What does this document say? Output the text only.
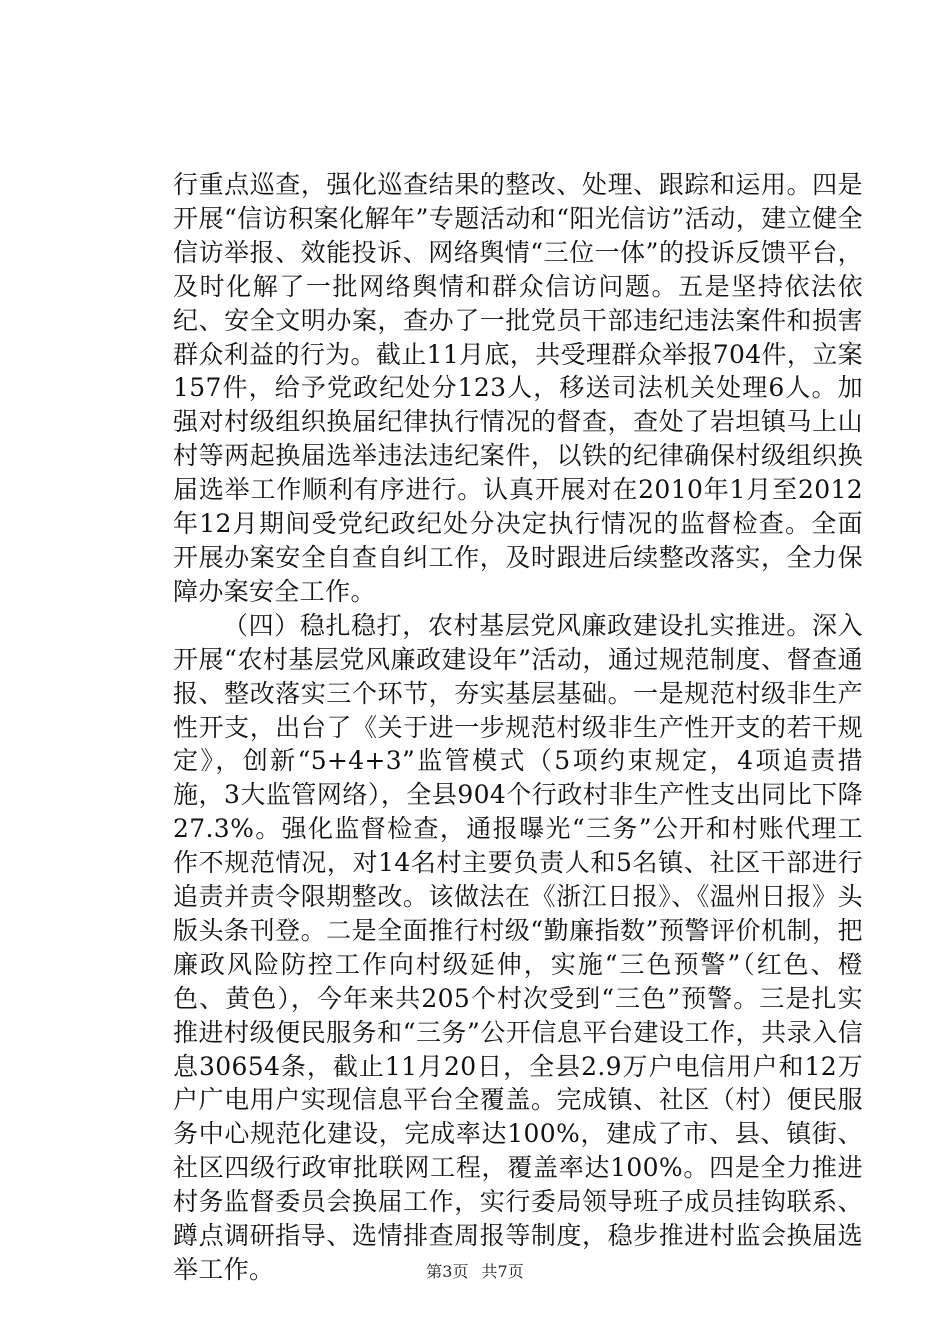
行重点巡查，强化巡查结果的整改、处理、跟踪和运用。四是开展“信访积案化解年”专题活动和“阳光信访”活动，建立健全信访举报、效能投诉、网络舆情“三位一体”的投诉反馈平台，及时化解了一批网络舆情和群众信访问题。五是坚持依法依纪、安全文明办案，查办了一批党员干部违纪违法案件和损害群众利益的行为。截止11月底，共受理群众举报704件，立案157件，给予党政纪处分123人，移送司法机关处理6人。加强对村级组织换届纪律执行情况的督查，查处了岩坦镇马上山村等两起换届选举违法违纪案件，以铁的纪律确保村级组织换届选举工作顺利有序进行。认真开展对在2010年1月至2012年12月期间受党纪政纪处分决定执行情况的监督检查。全面开展办案安全自查自纠工作，及时跟进后续整改落实，全力保障办案安全工作。

（四）稳扎稳打，农村基层党风廉政建设扎实推进。深入开展“农村基层党风廉政建设年”活动，通过规范制度、督查通报、整改落实三个环节，夯实基层基础。一是规范村级非生产性开支，出台了《关于进一步规范村级非生产性开支的若干规定》，创新“5+4+3”监管模式（5项约束规定，4项追责措施，3大监管网络），全县904个行政村非生产性支出同比下降27.3%。强化监督检查，通报曝光“三务”公开和村账代理工作不规范情况，对14名村主要负责人和5名镇、社区干部进行追责并责令限期整改。该做法在《浙江日报》、《温州日报》头版头条刊登。二是全面推行村级“勤廉指数”预警评价机制，把廉政风险防控工作向村级延伸，实施“三色预警”（红色、橙色、黄色），今年来共205个村次受到“三色”预警。三是扎实推进村级便民服务和“三务”公开信息平台建设工作，共录入信息30654条，截止11月20日，全县2.9万户电信用户和12万户广电用户实现信息平台全覆盖。完成镇、社区（村）便民服务中心规范化建设，完成率达100%，建成了市、县、镇街、社区四级行政审批联网工程，覆盖率达100%。四是全力推进村务监督委员会换届工作，实行委局领导班子成员挂钩联系、蹲点调研指导、选情排查周报等制度，稳步推进村监会换届选举工作。	第3页 共7页
